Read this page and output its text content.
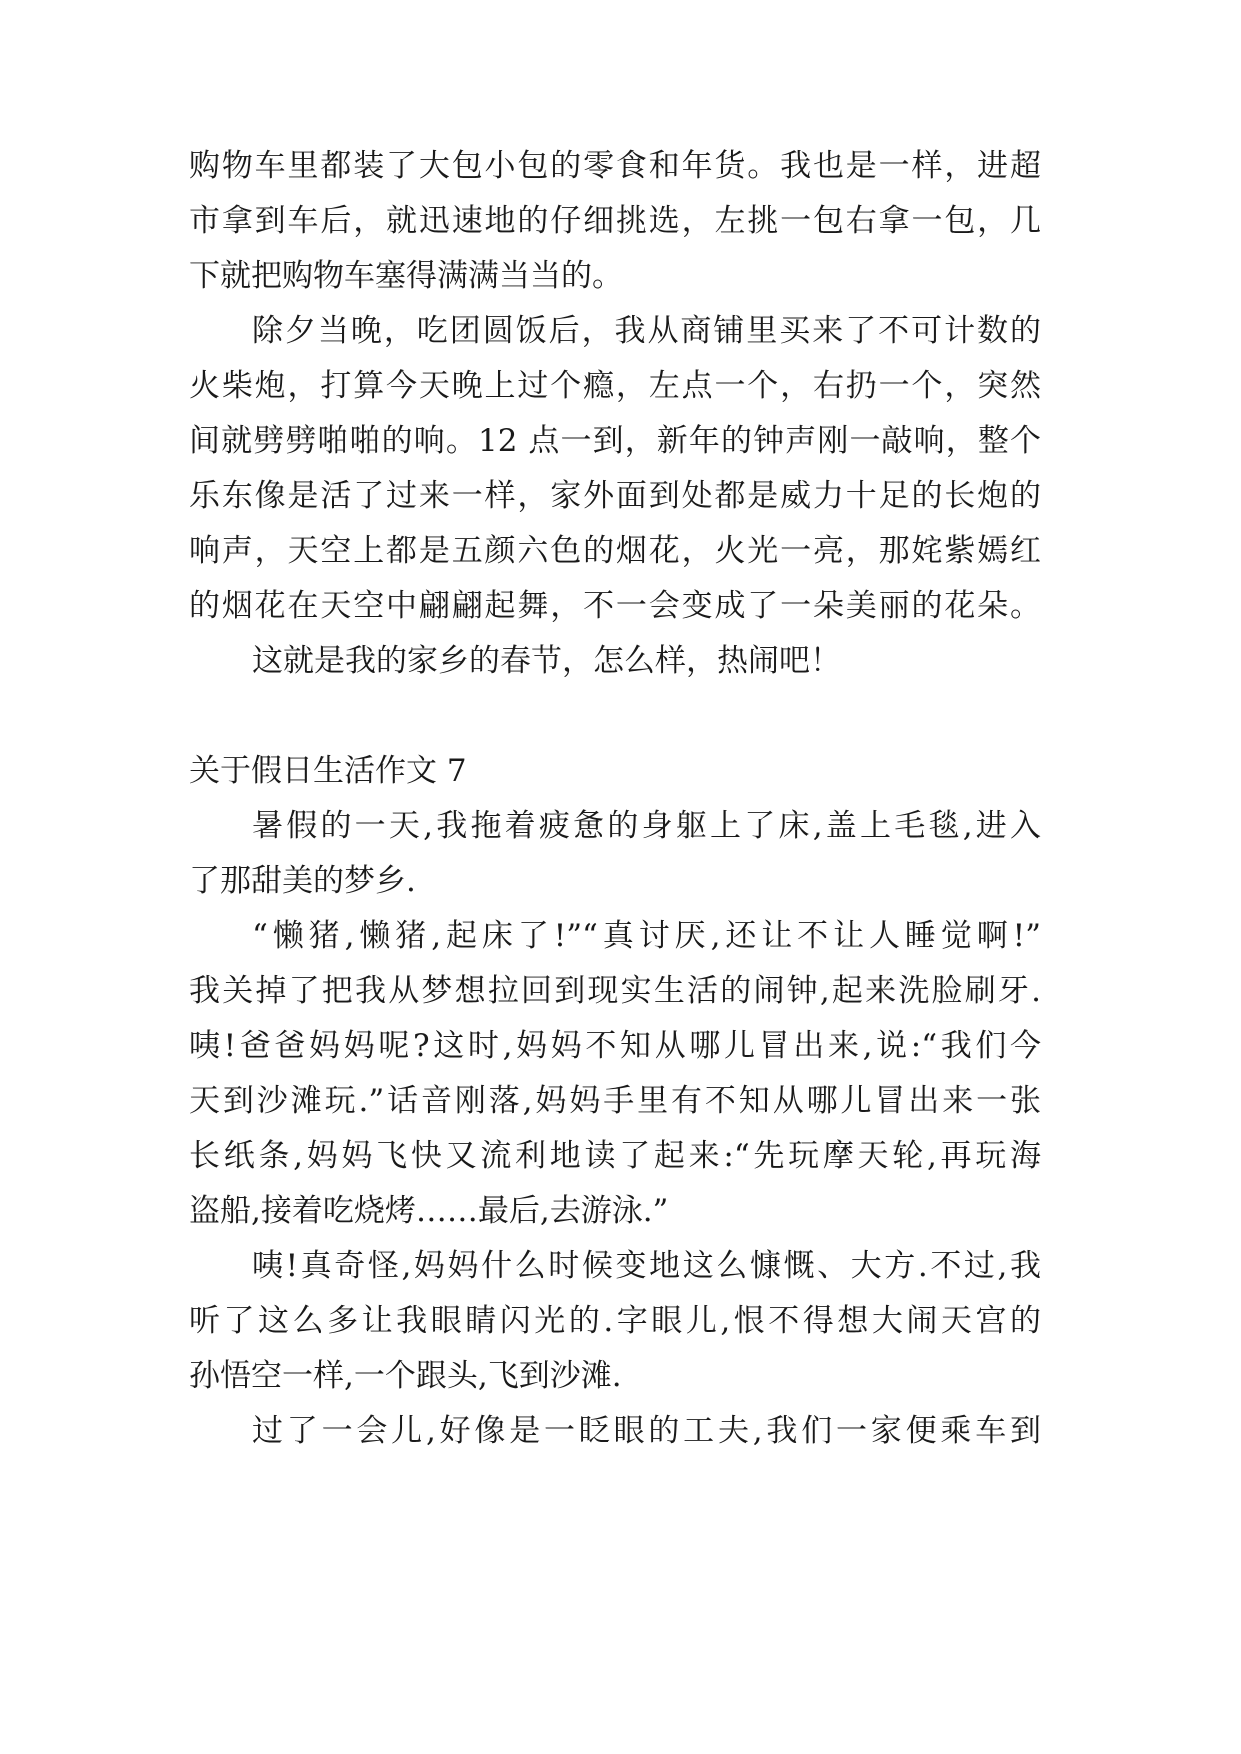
购物车里都装了大包小包的零食和年货。我也是一样，进超
市拿到车后，就迅速地的仔细挑选，左挑一包右拿一包，几
下就把购物车塞得满满当当的。
除夕当晚，吃团圆饭后，我从商铺里买来了不可计数的
火柴炮，打算今天晚上过个瘾，左点一个，右扔一个，突然
间就劈劈啪啪的响。12 点一到，新年的钟声刚一敲响，整个
乐东像是活了过来一样，家外面到处都是威力十足的长炮的
响声，天空上都是五颜六色的烟花，火光一亮，那姹紫嫣红
的烟花在天空中翩翩起舞，不一会变成了一朵美丽的花朵。
这就是我的家乡的春节，怎么样，热闹吧！
关于假日生活作文 7
暑假的一天,我拖着疲惫的身躯上了床,盖上毛毯,进入
了那甜美的梦乡.
“懒猪,懒猪,起床了!”“真讨厌,还让不让人睡觉啊!”
我关掉了把我从梦想拉回到现实生活的闹钟,起来洗脸刷牙.
咦!爸爸妈妈呢?这时,妈妈不知从哪儿冒出来,说:“我们今
天到沙滩玩.”话音刚落,妈妈手里有不知从哪儿冒出来一张
长纸条,妈妈飞快又流利地读了起来:“先玩摩天轮,再玩海
盗船,接着吃烧烤……最后,去游泳.”
咦!真奇怪,妈妈什么时候变地这么慷慨、大方.不过,我
听了这么多让我眼睛闪光的.字眼儿,恨不得想大闹天宫的
孙悟空一样,一个跟头,飞到沙滩.
过了一会儿,好像是一眨眼的工夫,我们一家便乘车到
